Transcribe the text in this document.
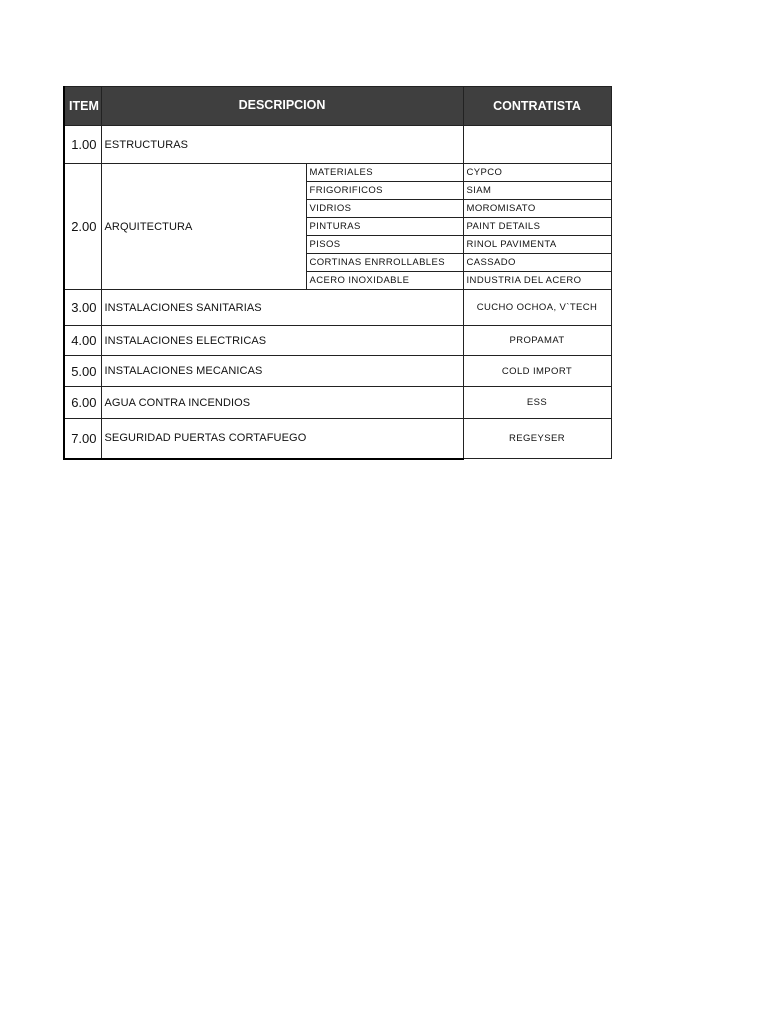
ITEM	DESCRIPCION		CONTRATISTA
1.00	ESTRUCTURAS		
2.00	ARQUITECTURA	MATERIALES	CYPCO
		FRIGORIFICOS	SIAM
		VIDRIOS	MOROMISATO
		PINTURAS	PAINT DETAILS
		PISOS	RINOL PAVIMENTA
		CORTINAS ENRROLLABLES	CASSADO
		ACERO INOXIDABLE	INDUSTRIA DEL ACERO
3.00	INSTALACIONES SANITARIAS		CUCHO OCHOA, V`TECH
4.00	INSTALACIONES ELECTRICAS		PROPAMAT
5.00	INSTALACIONES MECANICAS		COLD IMPORT
6.00	AGUA CONTRA INCENDIOS		ESS
7.00	SEGURIDAD PUERTAS CORTAFUEGO		REGEYSER
